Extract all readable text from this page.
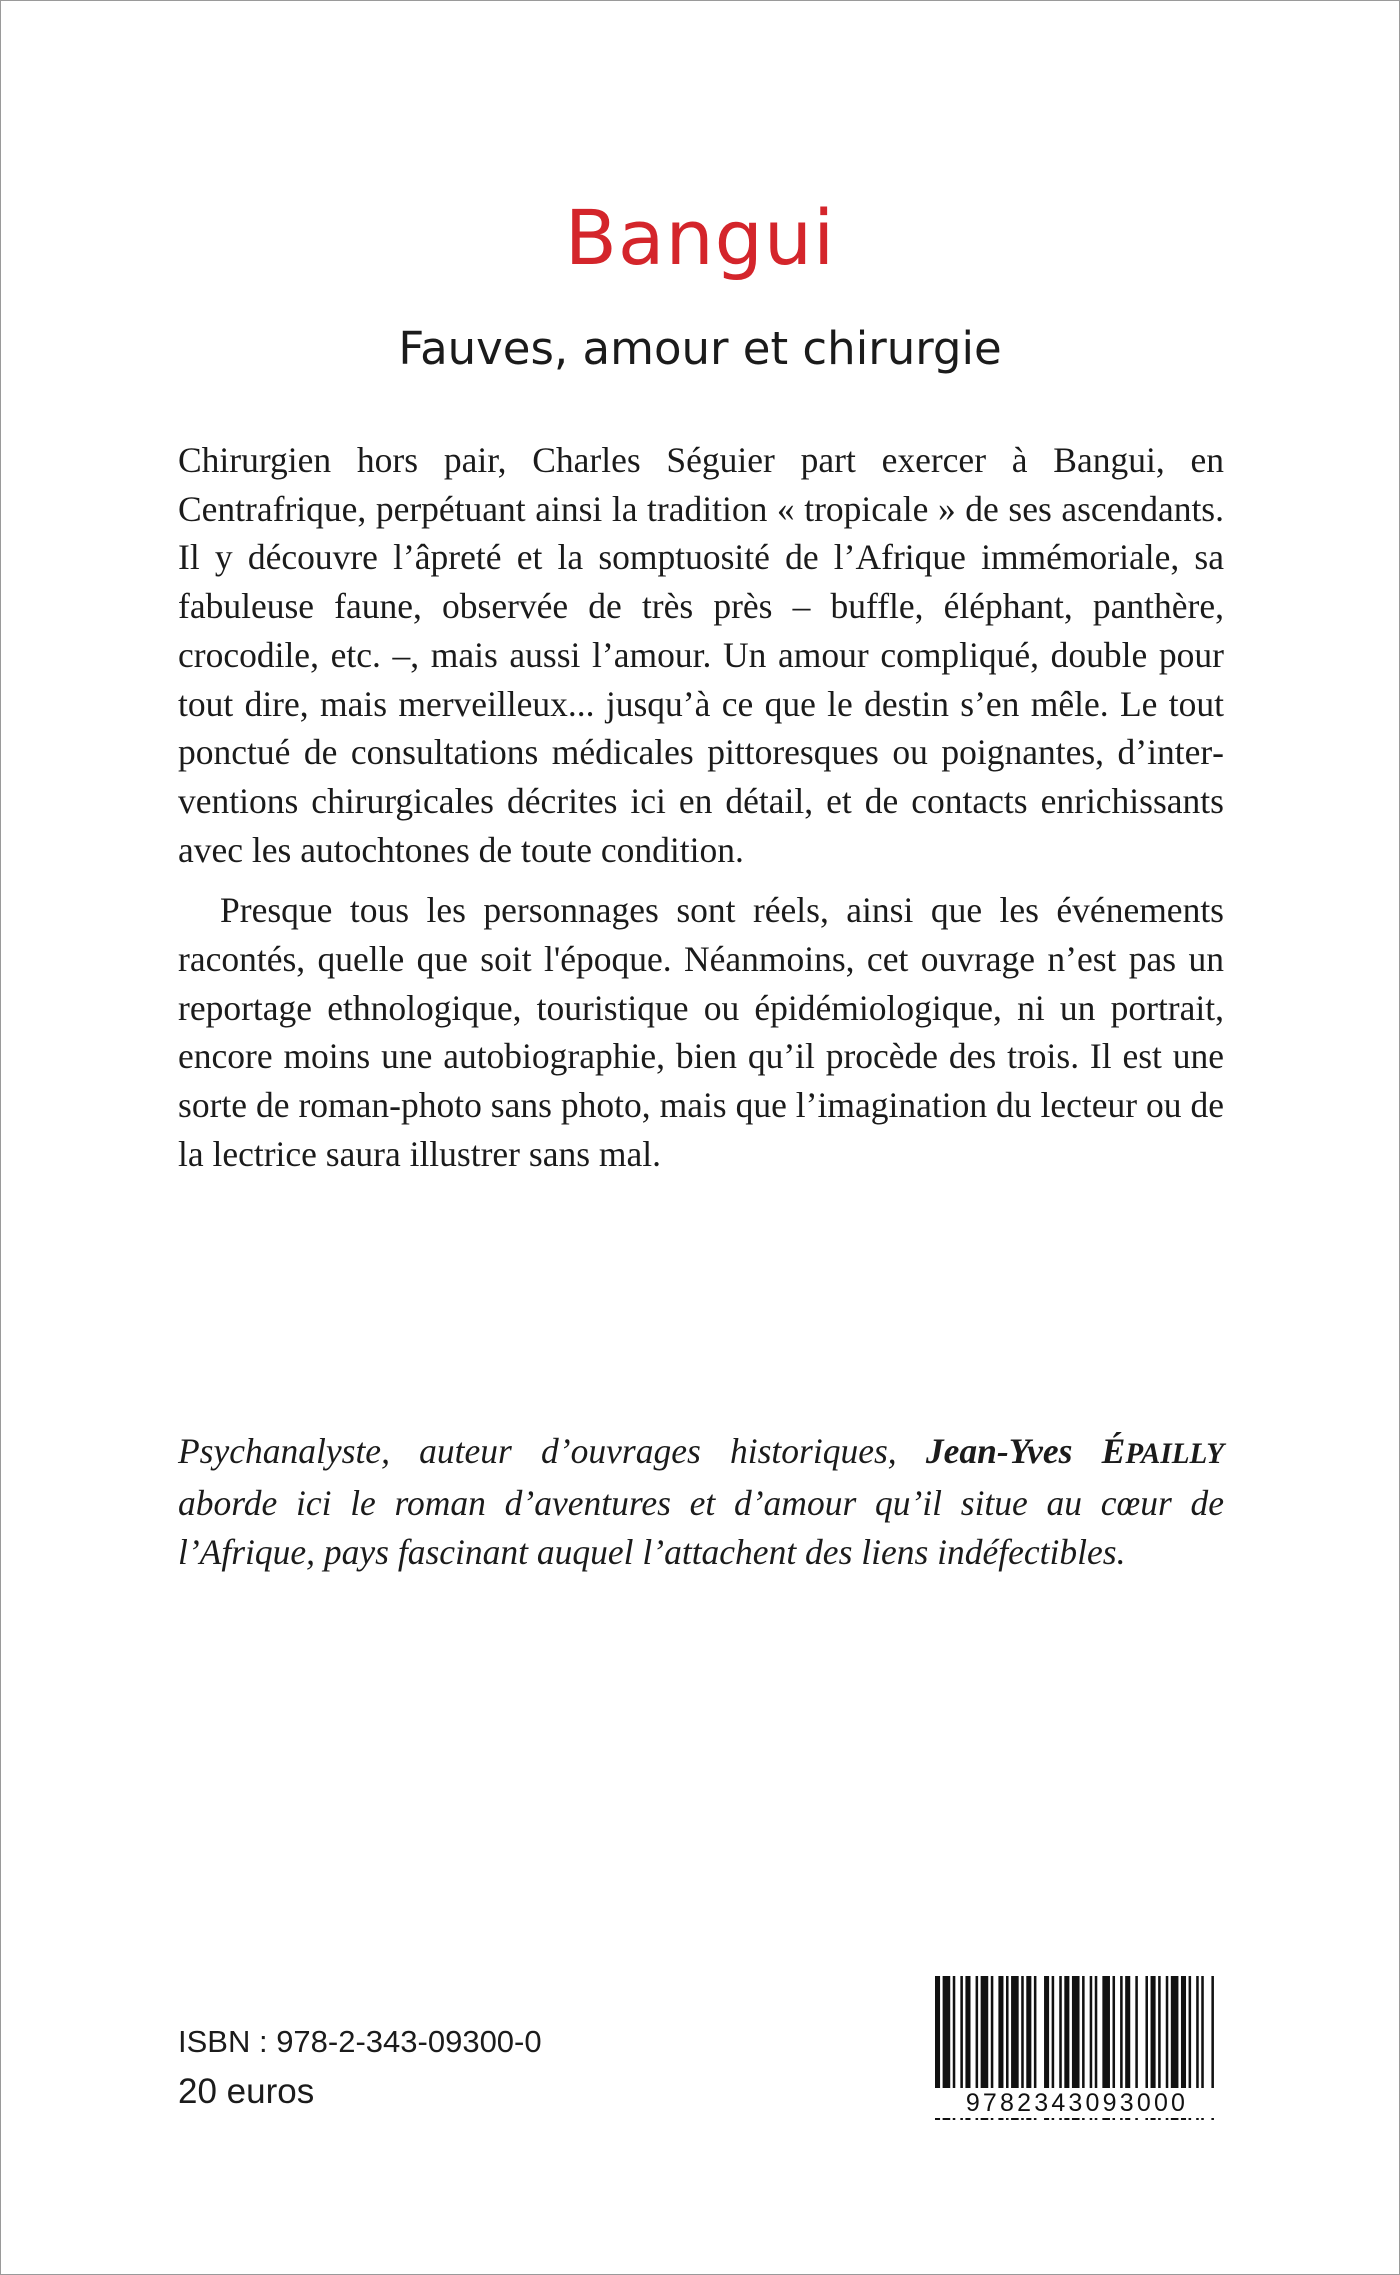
Bangui
Fauves, amour et chirurgie

Chirurgien hors pair, Charles Séguier part exercer à Bangui, en Centrafrique, perpétuant ainsi la tradition « tropicale » de ses ascendants. Il y découvre l’âpreté et la somptuosité de l’Afrique immémoriale, sa fabuleuse faune, observée de très près – buffle, éléphant, panthère, crocodile, etc. –, mais aussi l’amour. Un amour compliqué, double pour tout dire, mais merveilleux... jusqu’à ce que le destin s’en mêle. Le tout ponctué de consultations médicales pittoresques ou poignantes, d’interventions chirurgicales décrites ici en détail, et de contacts enrichissants avec les autochtones de toute condition.

Presque tous les personnages sont réels, ainsi que les événements racontés, quelle que soit l'époque. Néanmoins, cet ouvrage n’est pas un reportage ethnologique, touristique ou épidémiologique, ni un portrait, encore moins une autobiographie, bien qu’il procède des trois. Il est une sorte de roman-photo sans photo, mais que l’imagination du lecteur ou de la lectrice saura illustrer sans mal.

Psychanalyste, auteur d’ouvrages historiques, Jean-Yves ÉPAILLY aborde ici le roman d’aventures et d’amour qu’il situe au cœur de l’Afrique, pays fascinant auquel l’attachent des liens indéfectibles.

ISBN : 978-2-343-09300-0

20 euros	9782343093000
